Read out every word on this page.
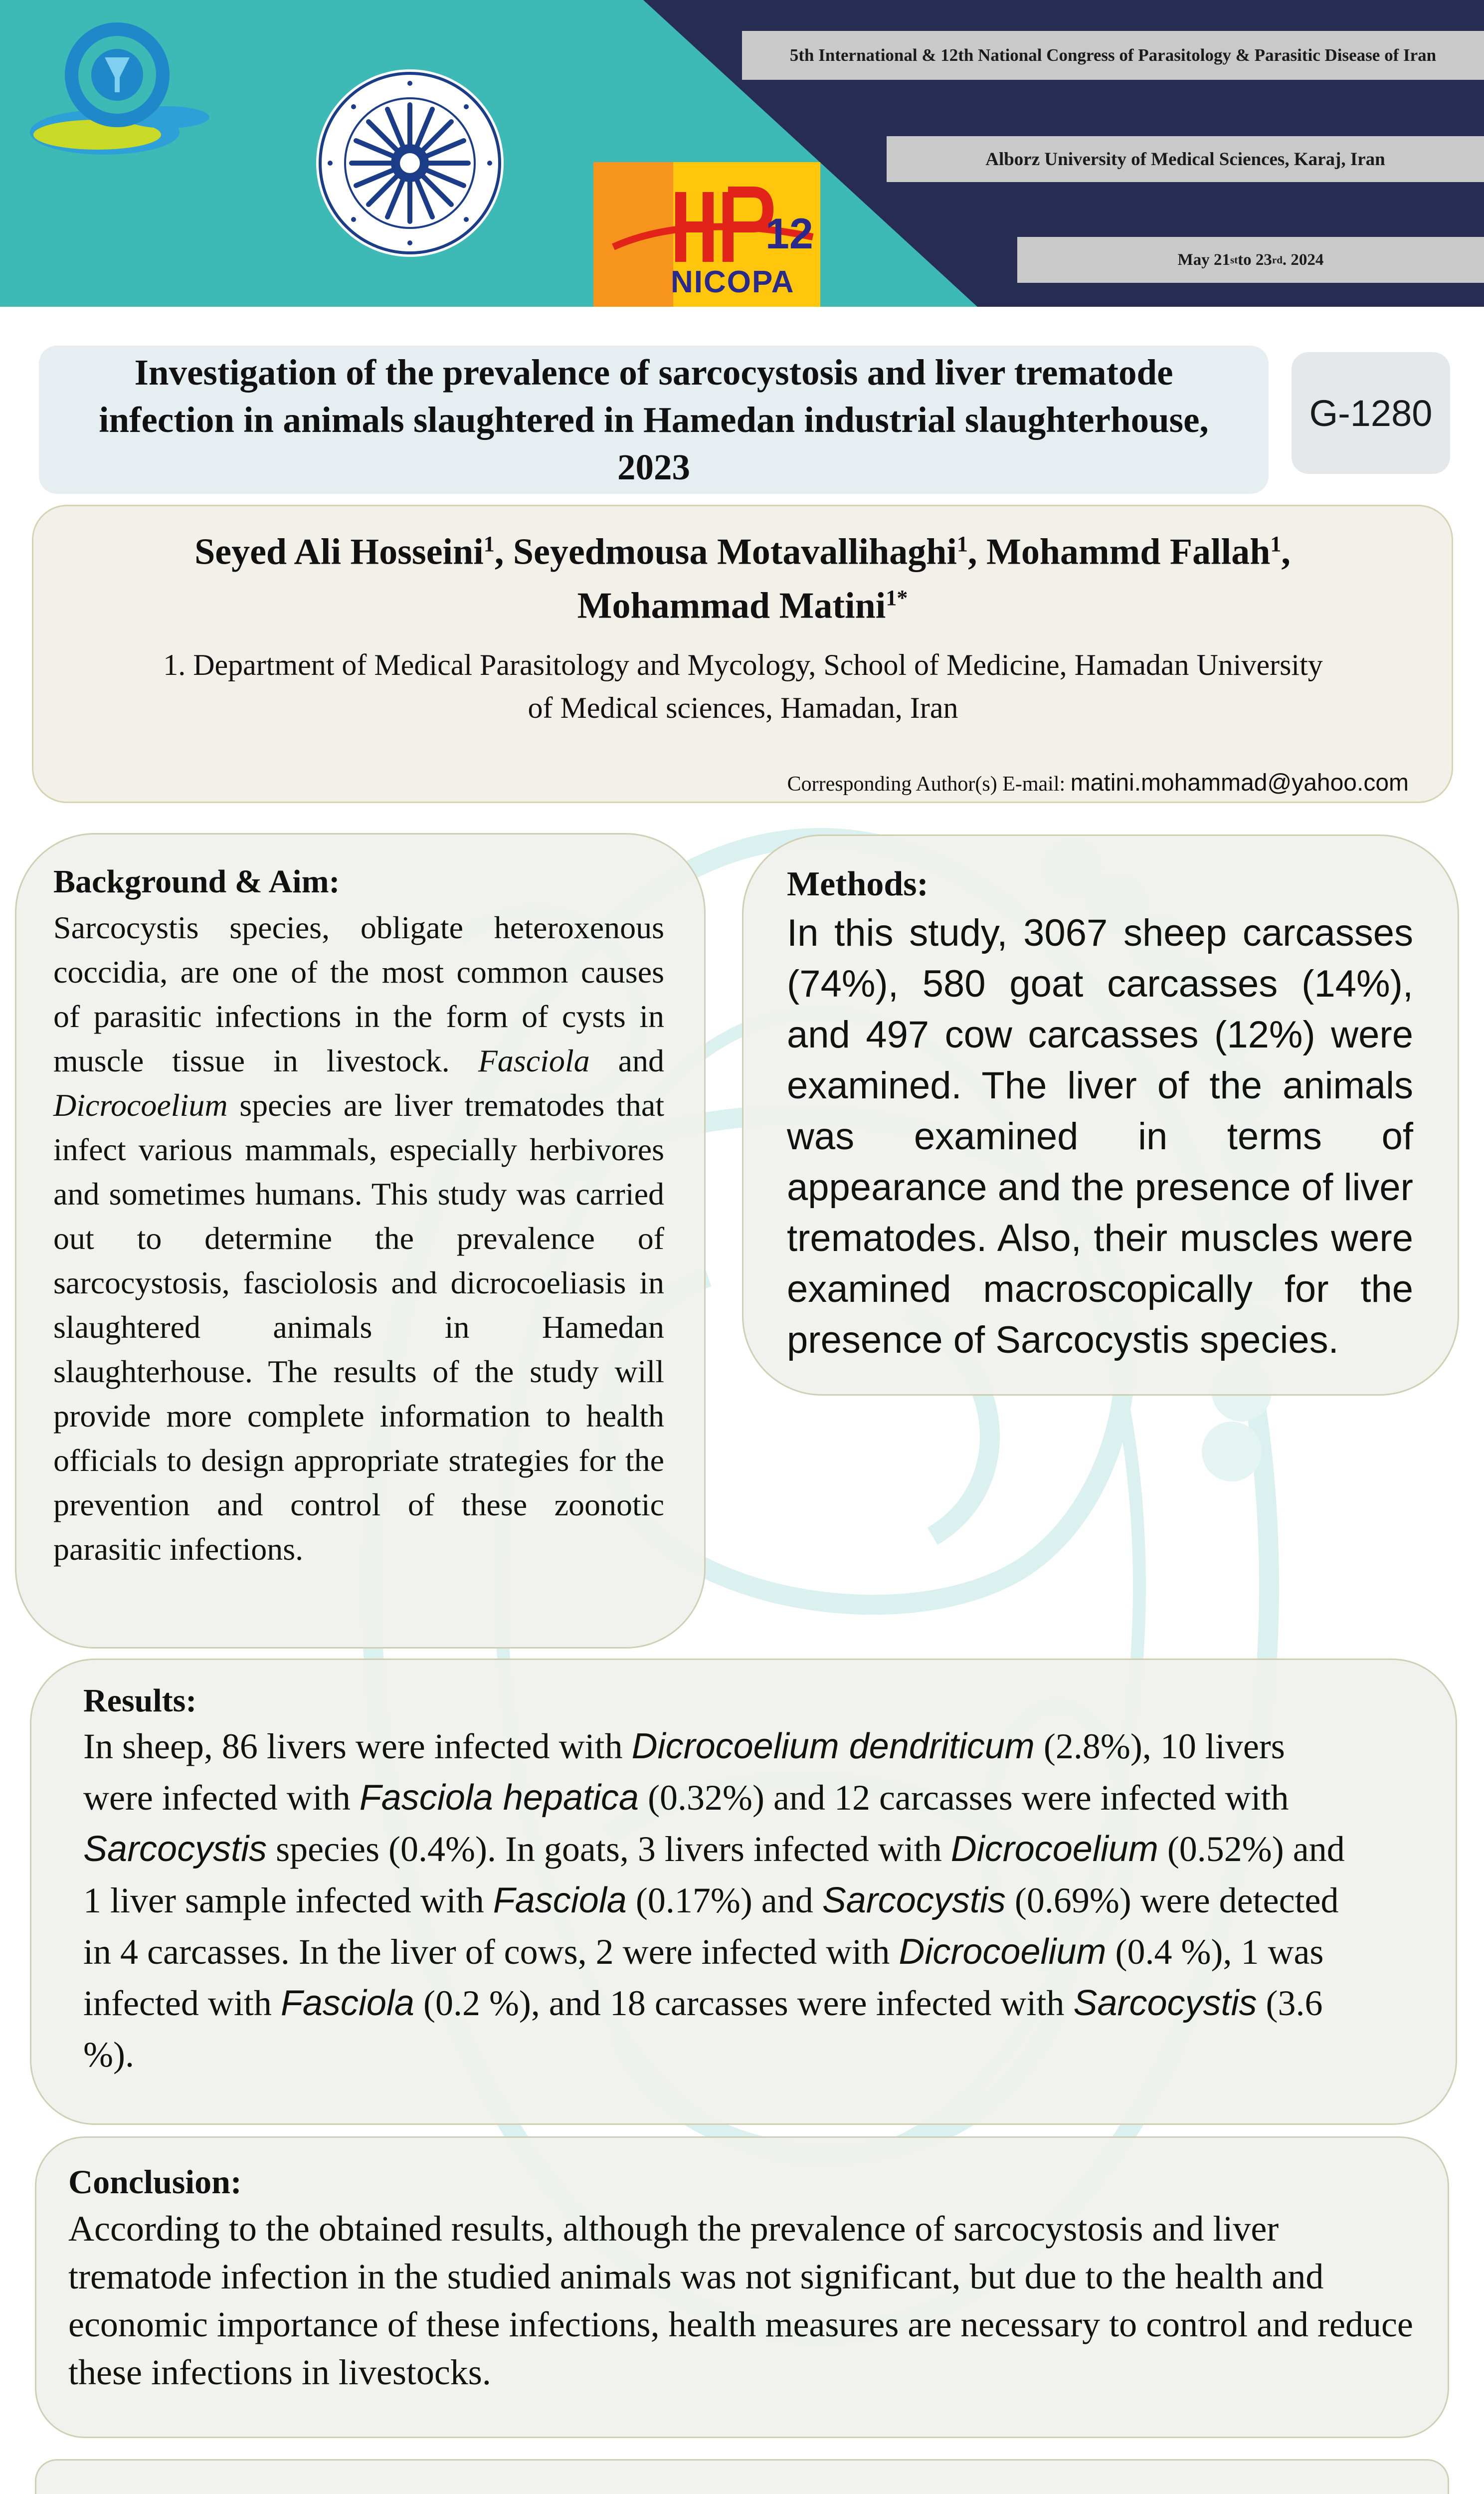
12
NICOPA
5th International & 12th National Congress of Parasitology & Parasitic Disease of Iran
Alborz University of Medical Sciences, Karaj, Iran
May 21 st to 23 rd . 2024
Investigation of the prevalence of sarcocystosis and liver trematode infection in animals slaughtered in Hamedan industrial slaughterhouse, 2023
G-1280
Seyed Ali Hosseini$^1$, Seyedmousa Motavallihaghi$^1$, Mohammd Fallah$^1$,
Mohammad Matini$^{1*}$
1. Department of Medical Parasitology and Mycology, School of Medicine, Hamadan University
of Medical sciences, Hamadan, Iran
Corresponding Author(s) E-mail: matini.mohammad@yahoo.com
Background & Aim:

Sarcocystis species, obligate heteroxenous coccidia, are one of the most common causes of parasitic infections in the form of cysts in muscle tissue in livestock. Fasciola and Dicrocoelium species are liver trematodes that infect various mammals, especially herbivores and sometimes humans. This study was carried out to determine the prevalence of sarcocystosis, fasciolosis and dicrocoeliasis in slaughtered animals in Hamedan slaughterhouse. The results of the study will provide more complete information to health officials to design appropriate strategies for the prevention and control of these zoonotic parasitic infections.

Methods:

In this study, 3067 sheep carcasses (74%), 580 goat carcasses (14%), and 497 cow carcasses (12%) were examined. The liver of the animals was examined in terms of appearance and the presence of liver trematodes. Also, their muscles were examined macroscopically for the presence of Sarcocystis species.

Results:

In sheep, 86 livers were infected with Dicrocoelium dendriticum (2.8%), 10 livers were infected with Fasciola hepatica (0.32%) and 12 carcasses were infected with Sarcocystis species (0.4%). In goats, 3 livers infected with Dicrocoelium (0.52%) and 1 liver sample infected with Fasciola (0.17%) and Sarcocystis (0.69%) were detected in 4 carcasses. In the liver of cows, 2 were infected with Dicrocoelium (0.4 %), 1 was infected with Fasciola (0.2 %), and 18 carcasses were infected with Sarcocystis (3.6 %).

Conclusion:

According to the obtained results, although the prevalence of sarcocystosis and liver trematode infection in the studied animals was not significant, but due to the health and economic importance of these infections, health measures are necessary to control and reduce these infections in livestocks.
